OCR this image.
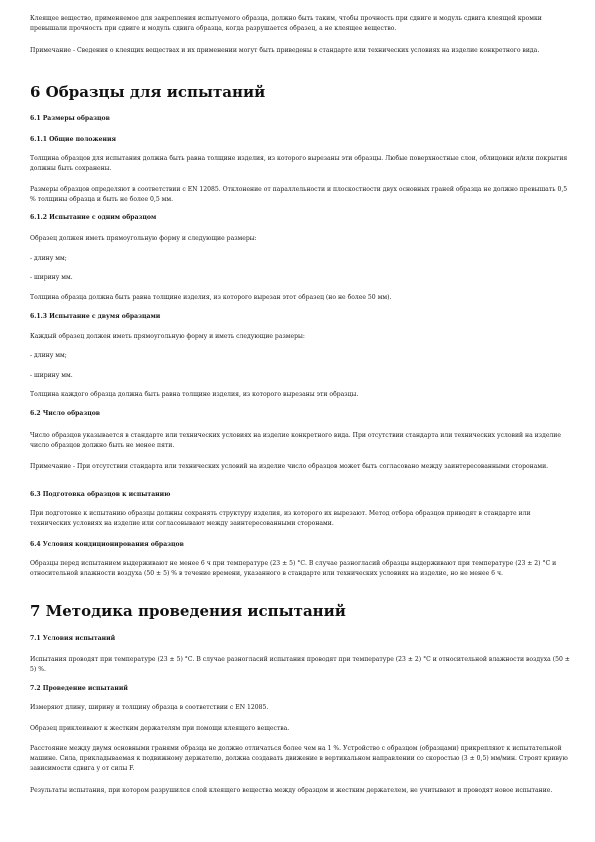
Клеящее вещество, применяемое для закрепления испытуемого образца, должно быть таким, чтобы прочность при сдвиге и модуль сдвига клеящей кромки превышали прочность при сдвиге и модуль сдвига образца, когда разрушается образец, а не клеящее вещество.

Примечание - Сведения о клеящих веществах и их применении могут быть приведены в стандарте или технических условиях на изделие конкретного вида.

6 Образцы для испытаний

6.1 Размеры образцов

6.1.1 Общие положения

Толщина образцов для испытания должна быть равна толщине изделия, из которого вырезаны эти образцы. Любые поверхностные слои, облицовки и/или покрытия должны быть сохранены.

Размеры образцов определяют в соответствии с EN 12085. Отклонение от параллельности и плоскостности двух основных граней образца не должно превышать 0,5 % толщины образца и быть не более 0,5 мм.

6.1.2 Испытание с одним образцом

Образец должен иметь прямоугольную форму и следующие размеры:

- длину мм;

- ширину мм.

Толщина образца должна быть равна толщине изделия, из которого вырезан этот образец (но не более 50 мм).

6.1.3 Испытание с двумя образцами

Каждый образец должен иметь прямоугольную форму и иметь следующие размеры:

- длину мм;

- ширину мм.

Толщина каждого образца должна быть равна толщине изделия, из которого вырезаны эти образцы.

6.2 Число образцов

Число образцов указывается в стандарте или технических условиях на изделие конкретного вида. При отсутствии стандарта или технических условий на изделие число образцов должно быть не менее пяти.

Примечание - При отсутствии стандарта или технических условий на изделие число образцов может быть согласовано между заинтересованными сторонами.

6.3 Подготовка образцов к испытанию

При подготовке к испытанию образцы должны сохранять структуру изделия, из которого их вырезают. Метод отбора образцов приводят в стандарте или технических условиях на изделие или согласовывают между заинтересованными сторонами.

6.4 Условия кондиционирования образцов

Образцы перед испытанием выдерживают не менее 6 ч при температуре (23 ± 5) °С. В случае разногласий образцы выдерживают при температуре (23 ± 2) °С и относительной влажности воздуха (50 ± 5) % в течение времени, указанного в стандарте или технических условиях на изделие, но не менее 6 ч.

7 Методика проведения испытаний

7.1 Условия испытаний

Испытания проводят при температуре (23 ± 5) °С. В случае разногласий испытания проводят при температуре (23 ± 2) °С и относительной влажности воздуха (50 ± 5) %.

7.2 Проведение испытаний

Измеряют длину, ширину и толщину образца в соответствии с EN 12085.

Образец приклеивают к жестким держателям при помощи клеящего вещества.

Расстояние между двумя основными гранями образца не должно отличаться более чем на 1 %. Устройство с образцом (образцами) прикрепляют к испытательной машине. Сила, прикладываемая к подвижному держателю, должна создавать движение в вертикальном направлении со скоростью (3 ± 0,5) мм/мин. Строят кривую зависимости сдвига у от силы F.

Результаты испытания, при котором разрушился слой клеящего вещества между образцом и жестким держателем, не учитывают и проводят новое испытание.
